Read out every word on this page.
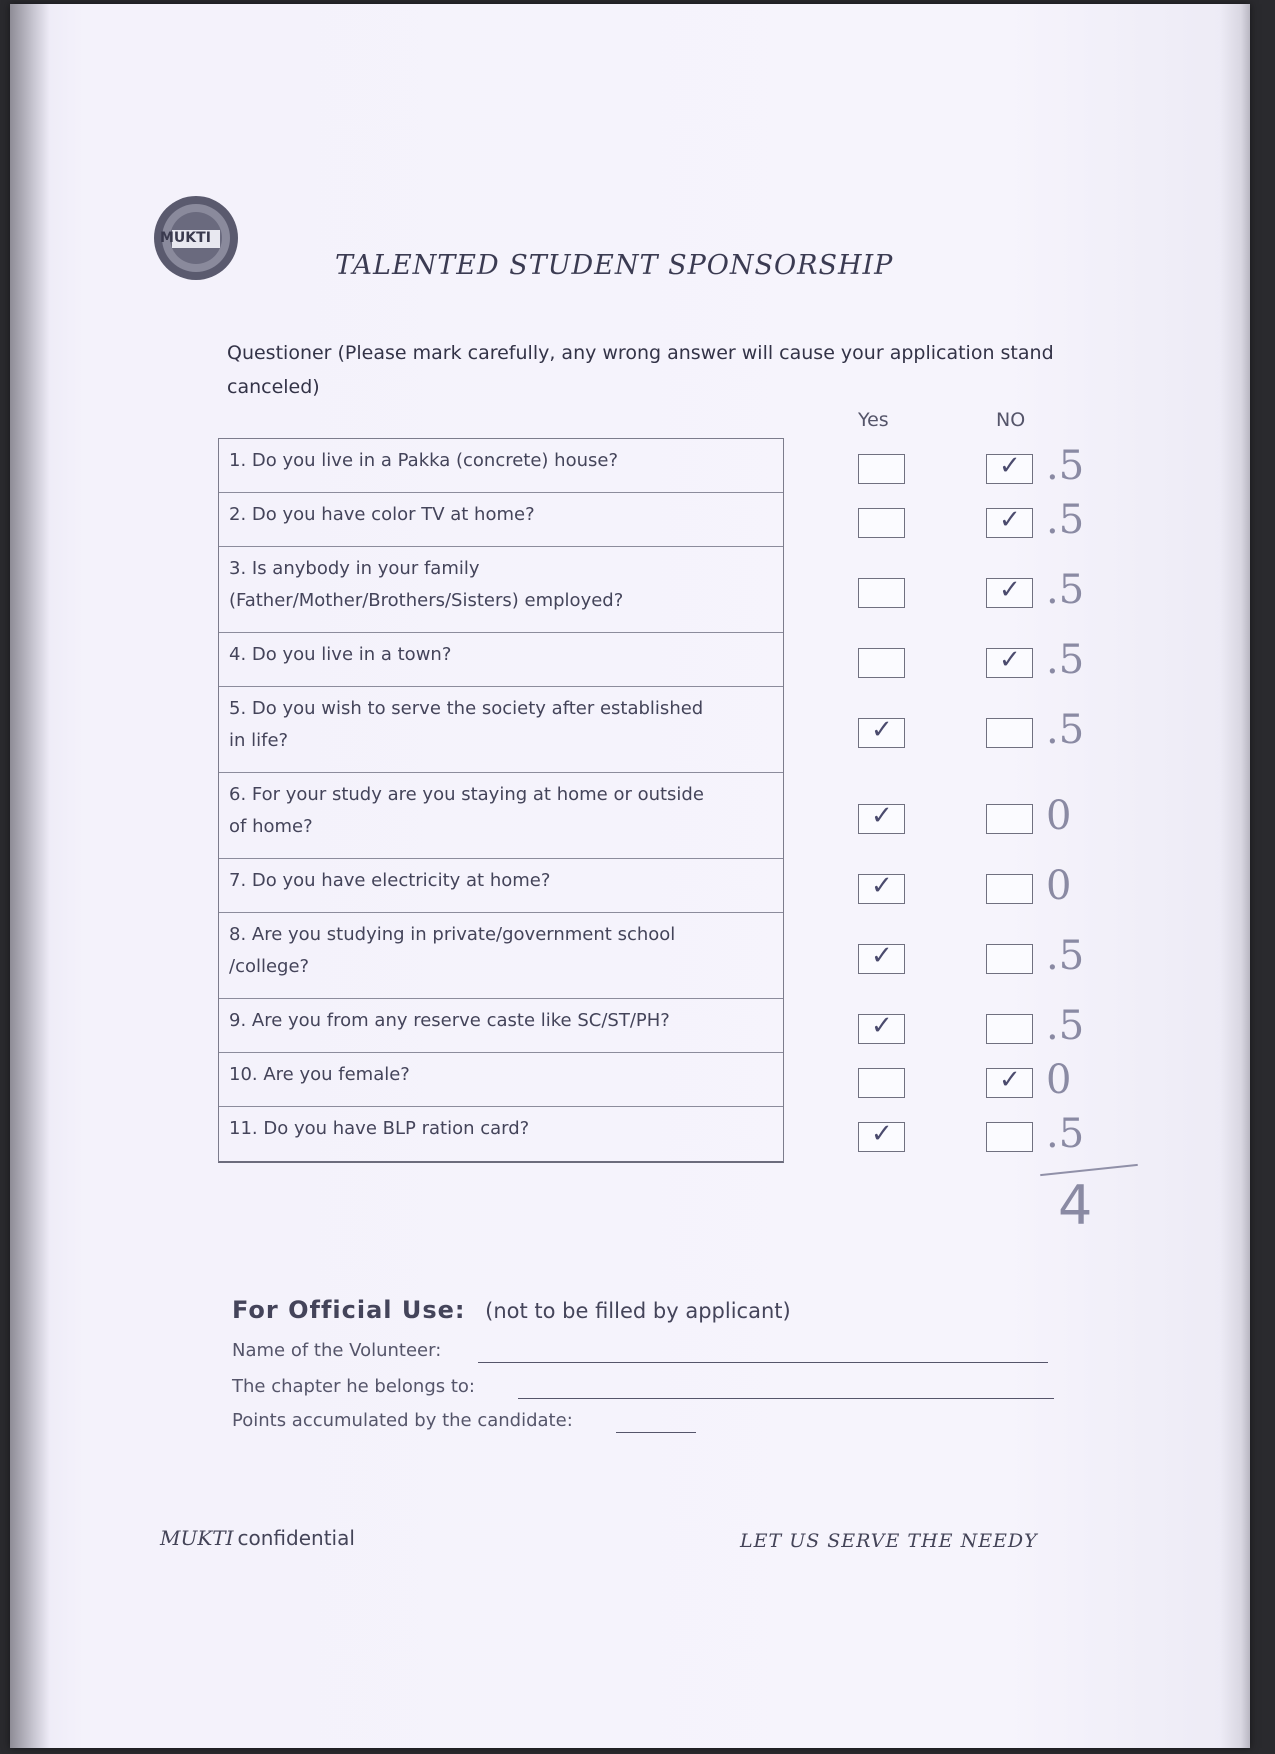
MUKTI
TALENTED STUDENT SPONSORSHIP

Questioner (Please mark carefully, any wrong answer will cause your application stand canceled)

Yes	NO
1. Do you live in a Pakka (concrete) house?
2. Do you have color TV at home?
3. Is anybody in your family
(Father/Mother/Brothers/Sisters) employed?
4. Do you live in a town?
5. Do you wish to serve the society after established
in life?
6. For your study are you staying at home or outside
of home?
7. Do you have electricity at home?
8. Are you studying in private/government school
/college?
9. Are you from any reserve caste like SC/ST/PH?
10. Are you female?
11. Do you have BLP ration card?
✓
.5
✓
.5
✓
.5
✓
.5
✓
.5
✓
0
✓
0
✓
.5
✓
.5
✓
0
✓
.5
4
For Official Use: (not to be filled by applicant)
Name of the Volunteer:
The chapter he belongs to:
Points accumulated by the candidate:
MUKTI confidential	LET US SERVE THE NEEDY
